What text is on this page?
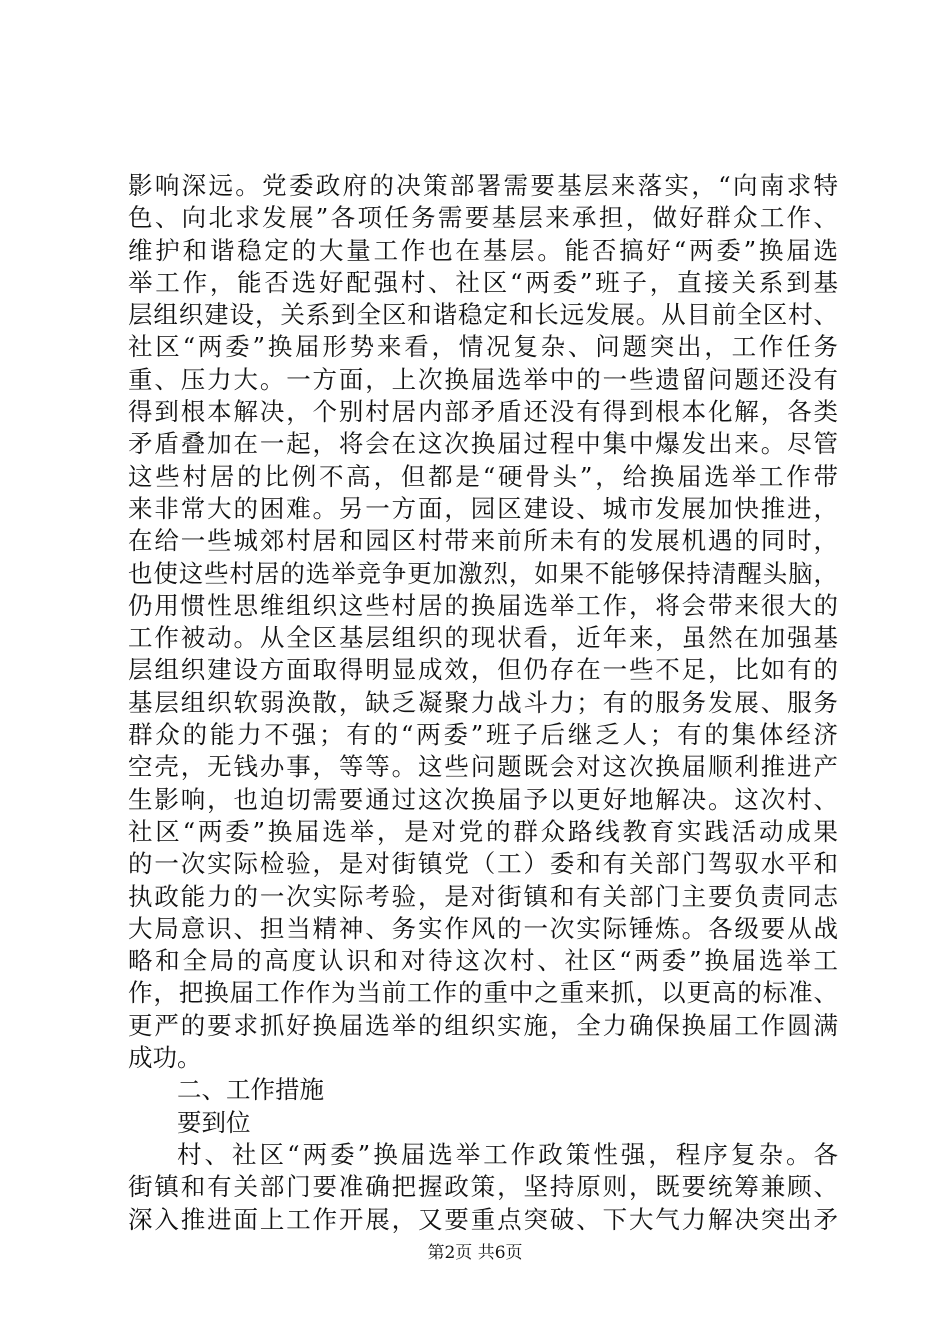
影响深远。党委政府的决策部署需要基层来落实，“向南求特
色、向北求发展”各项任务需要基层来承担，做好群众工作、
维护和谐稳定的大量工作也在基层。能否搞好“两委”换届选
举工作，能否选好配强村、社区“两委”班子，直接关系到基
层组织建设，关系到全区和谐稳定和长远发展。从目前全区村、
社区“两委”换届形势来看，情况复杂、问题突出，工作任务
重、压力大。一方面，上次换届选举中的一些遗留问题还没有
得到根本解决，个别村居内部矛盾还没有得到根本化解，各类
矛盾叠加在一起，将会在这次换届过程中集中爆发出来。尽管
这些村居的比例不高，但都是“硬骨头”，给换届选举工作带
来非常大的困难。另一方面，园区建设、城市发展加快推进，
在给一些城郊村居和园区村带来前所未有的发展机遇的同时，
也使这些村居的选举竞争更加激烈，如果不能够保持清醒头脑，
仍用惯性思维组织这些村居的换届选举工作，将会带来很大的
工作被动。从全区基层组织的现状看，近年来，虽然在加强基
层组织建设方面取得明显成效，但仍存在一些不足，比如有的
基层组织软弱涣散，缺乏凝聚力战斗力；有的服务发展、服务
群众的能力不强；有的“两委”班子后继乏人；有的集体经济
空壳，无钱办事，等等。这些问题既会对这次换届顺利推进产
生影响，也迫切需要通过这次换届予以更好地解决。这次村、
社区“两委”换届选举，是对党的群众路线教育实践活动成果
的一次实际检验，是对街镇党（工）委和有关部门驾驭水平和
执政能力的一次实际考验，是对街镇和有关部门主要负责同志
大局意识、担当精神、务实作风的一次实际锤炼。各级要从战
略和全局的高度认识和对待这次村、社区“两委”换届选举工
作，把换届工作作为当前工作的重中之重来抓，以更高的标准、
更严的要求抓好换届选举的组织实施，全力确保换届工作圆满
成功。
二、工作措施
要到位
村、社区“两委”换届选举工作政策性强，程序复杂。各
街镇和有关部门要准确把握政策，坚持原则，既要统筹兼顾、
深入推进面上工作开展，又要重点突破、下大气力解决突出矛
第2页 共6页
